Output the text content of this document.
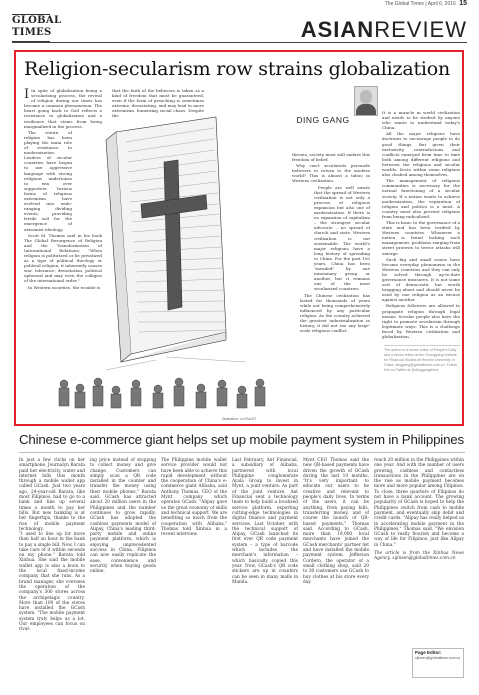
The Global Times | April 6, 2016 15
GLOBAL
TIMES	ASIANREVIEW
Religion-secularism row strains globalization
Illustration: Liu Rui/GT

I In spite of globalization being a secularizing process, the revival of religion during our times has become a common phenomenon. The heart going back to God reflects a resistance to globalization and a resilience that stems from being marginalized in the process.

The return of religion has been playing the main role of resistance to modernization. Leaders of secular countries have begun to use aggressive language with strong religious undertones to win over supporters. Various forms of religious extremism have evolved into wide-ranging dividing events, providing fertile soil for the emergence of extremist ideology.

Scott M. Thomas said in his book The Global Resurgence of Religion and the Transformation of International Relations: "When religion is politicized or be privatized as a type of political theology or political religion, it inherently causes war, tolerance, devastation, political upheaval and may even the collapse of the international order."

In Western societies, the trouble is

that the faith of the believers is taken as a kind of freedom that must be guaranteed, even if the form of preaching is sometimes extreme, devastating, and may lead to more extremism, fomenting social chaos. Despite the	DING GANG

threats, society must still endure this freedom of belief.

Why can't secularists persuade believers to return to the modern world? This is almost a taboo in Western civilization.

People are well aware that the spread of Western civilization is not only a process of religious expansion but also one of modernization. If there is no expansion of capitalism – the strongest secular advocate – no spread of church and state, Western civilization is not sustainable. The world's major religions have a long history of spreading to China. For the past 100 years, China has been "invaded" by one missionary group or another, but it remains one of the most secularized countries.

The Chinese civilization has lasted for thousands of years while not being comprehensively influenced by any particular religion. As the country achieved the greatest industrialization in history, it did not see any large-scale religious conflict.

It is a miracle in world civilization and needs to be studied by anyone who wants to understand today's China.

All the major religions have doctrines to encourage people to do good things. But given their exclusivity, contradictions and conflicts emerged from time to time both among different religions and between the religious and secular worlds. Sects within some religions also clashed among themselves.

The management of religious communities is necessary for the normal functioning of a secular society. If a nation wants to achieve modernization, the separation of religion and politics is a must. A country must also prevent religions from being radicalized.

This is basic to the governance of a state and has been verified by Western countries. Whenever a nation is found lacking such management, problems ranging from street protests to terror attacks will emerge.

Such big and small issues have become everyday phenomena in the Western countries and they can only be solved through up-to-date governance measures. It is not some sort of democratic but worth bragging about and should never be used by one religion as an excuse against another.

Religious followers are allowed to propagate religion through legal means. Secular people also have the right to promote secularism through legitimate ways. This is a challenge faced by Western civilization and globalization.

The author is a senior editor of People's Daily and a senior fellow at the Chongyang Institute for Financial Studies at Renmin University of China. dinggang@globaltimes.com.cn. Follow him on Twitter at @dinggangchina
Chinese e-commerce giant helps set up mobile payment system in Philippines
In just a few clicks on her smartphone, Journalyn Barata paid her electricity, water and internet bills this month through a mobile wallet app called GCash. Just two years ago, 24-year-old Barata, like most Filipinos, had to go to a bank and line up several times a month to pay her bills. But new banking is at her fingertips, thanks to the rise of mobile payment technology.
"I used to line up for more than half an hour in the bank to pay a single bill. Now, I can take care of it within seconds on my phone," Barata told Xinhua. She said the mobile wallet app is also a boon to the local fixed-income company that she runs. As a brand manager, she oversees the operation of the company's 300 stores across the archipelagic country. More than 100 of the stores have installed the GCash system. "The mobile payment system truly helps us a lot. Our employees can focus on rival-
ing price instead of stopping to collect money and give change. Customers can simply scan a QR code installed in the counter and transfer the money using their mobile phones," Barata said. GCash has attracted about 20 million users in the Philippines and the number continues to grow rapidly. GCash has adopted the cashless payments model of Alipay, China's leading third-party mobile and online payment platform, which is enjoying unprecedented success in China. Filipinos can now easily replicate the ease, convenience and security when buying goods online.
The Philippine mobile wallet service provider would not have been able to achieve this rapid development without the cooperation of China's e-commerce giant Alibaba, said Anthony Thomas, CEO of the Mynt company which operates GCash. "Alipay gave us the great economy of skills and technical support. We are benefiting so much from the cooperation with Alibaba," Thomas told Xinhua in a recent interview.
Last February, Ant Financial, a subsidiary of Alibaba, partnered with local Philippine conglomerate Ayala Group to invest in Mynt, a joint venture. As part of the joint venture, Ant Financial sent a technology team to help build a localized service platform, exporting cutting-edge technologies in digital finance and payment services. Last October, with the technical support of Alipay, GCash launched its first ever QR code payment system – a type of barcode which includes the merchant's information – which basically copied this year. Now, GCash's QR code stickers are up in counters can be seen in many malls in Manila.
Mynt CEO Thomas said the new QR-based payments have driven the growth of GCash during the last 10 months. "It's very important to educate our users to be creative and relevant to people's daily lives. In terms of the users, it can be anything, from paying bills, transferring money, and of course the launch of QR-based payments," Thomas said. According to GCash, more than 19,000 local merchants have joined the GCash merchants' partner list and have installed the mobile payment system. Jefferson Cordero, the operator of a small clothing shop, said 20 to 30 customers use GCash to buy clothes at his store every day.
reach 20 million in the Philippines within one year. And with the number of users growing, cashless and contactless transactions in the Philippines are on the rise as mobile payment becomes more and more popular among Filipinos. To close, three quarters of Filipinos do not have a bank account. The growing popularity of GCash is hoped to help the Philippines switch from cash to mobile payment, and eventually skip debit and credit cards. "Alipay has really helped us in accelerating mobile payment in the Philippines," Thomas said. "We envision GCash to really flourish and become a way of life for Filipinos, just like Alipay in China."
The article is from the Xinhua News Agency. xijinsen@globaltimes.com.cn
Page Editor:
xijinsen@globaltimes.com.cn
